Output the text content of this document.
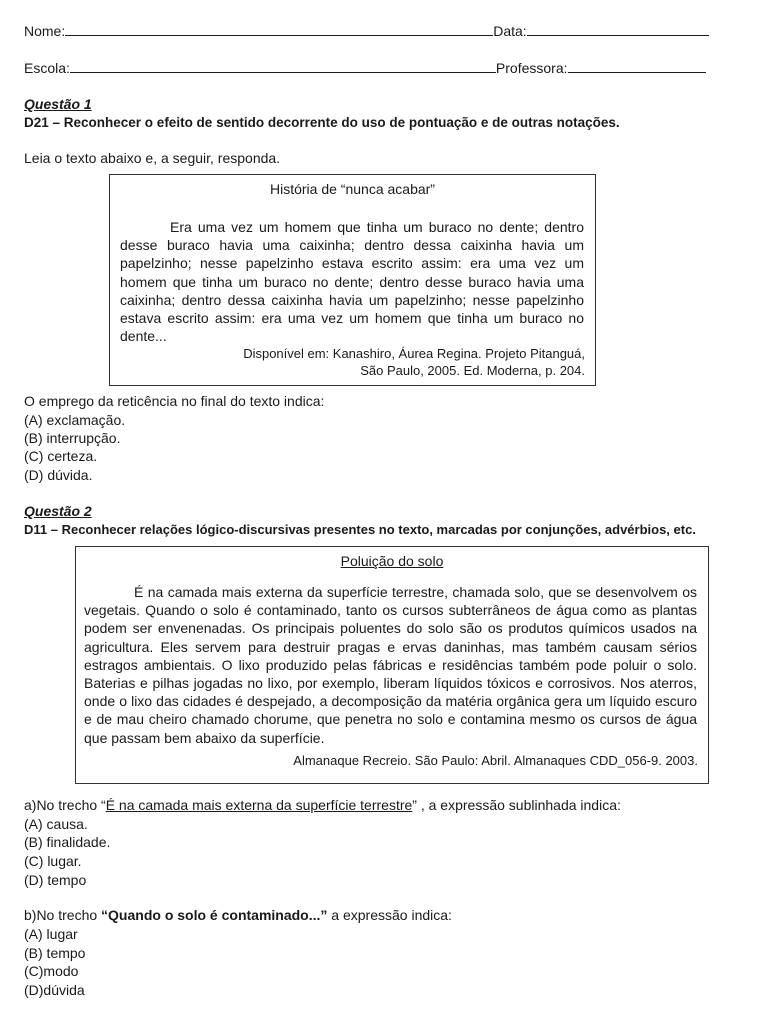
Nome:	Data:
Escola:	Professora:
Questão 1
D21 – Reconhecer o efeito de sentido decorrente do uso de pontuação e de outras notações.
Leia o texto abaixo e, a seguir, responda.
História de “nunca acabar”
Era uma vez um homem que tinha um buraco no dente; dentro desse buraco havia uma caixinha; dentro dessa caixinha havia um papelzinho; nesse papelzinho estava escrito assim: era uma vez um homem que tinha um buraco no dente; dentro desse buraco havia uma caixinha; dentro dessa caixinha havia um papelzinho; nesse papelzinho estava escrito assim: era uma vez um homem que tinha um buraco no dente...
Disponível em: Kanashiro, Áurea Regina. Projeto Pitanguá,
São Paulo, 2005. Ed. Moderna, p. 204.
O emprego da reticência no final do texto indica:
(A) exclamação.
(B) interrupção.
(C) certeza.
(D) dúvida.
Questão 2
D11 – Reconhecer relações lógico-discursivas presentes no texto, marcadas por conjunções, advérbios, etc.
Poluição do solo
É na camada mais externa da superfície terrestre, chamada solo, que se desenvolvem os vegetais. Quando o solo é contaminado, tanto os cursos subterrâneos de água como as plantas podem ser envenenadas. Os principais poluentes do solo são os produtos químicos usados na agricultura. Eles servem para destruir pragas e ervas daninhas, mas também causam sérios estragos ambientais. O lixo produzido pelas fábricas e residências também pode poluir o solo. Baterias e pilhas jogadas no lixo, por exemplo, liberam líquidos tóxicos e corrosivos. Nos aterros, onde o lixo das cidades é despejado, a decomposição da matéria orgânica gera um líquido escuro e de mau cheiro chamado chorume, que penetra no solo e contamina mesmo os cursos de água que passam bem abaixo da superfície.
Almanaque Recreio. São Paulo: Abril. Almanaques CDD_056-9. 2003.
a)No trecho “É na camada mais externa da superfície terrestre” , a expressão sublinhada indica:
(A) causa.
(B) finalidade.
(C) lugar.
(D) tempo
b)No trecho “Quando o solo é contaminado...” a expressão indica:
(A) lugar
(B) tempo
(C)modo
(D)dúvida
